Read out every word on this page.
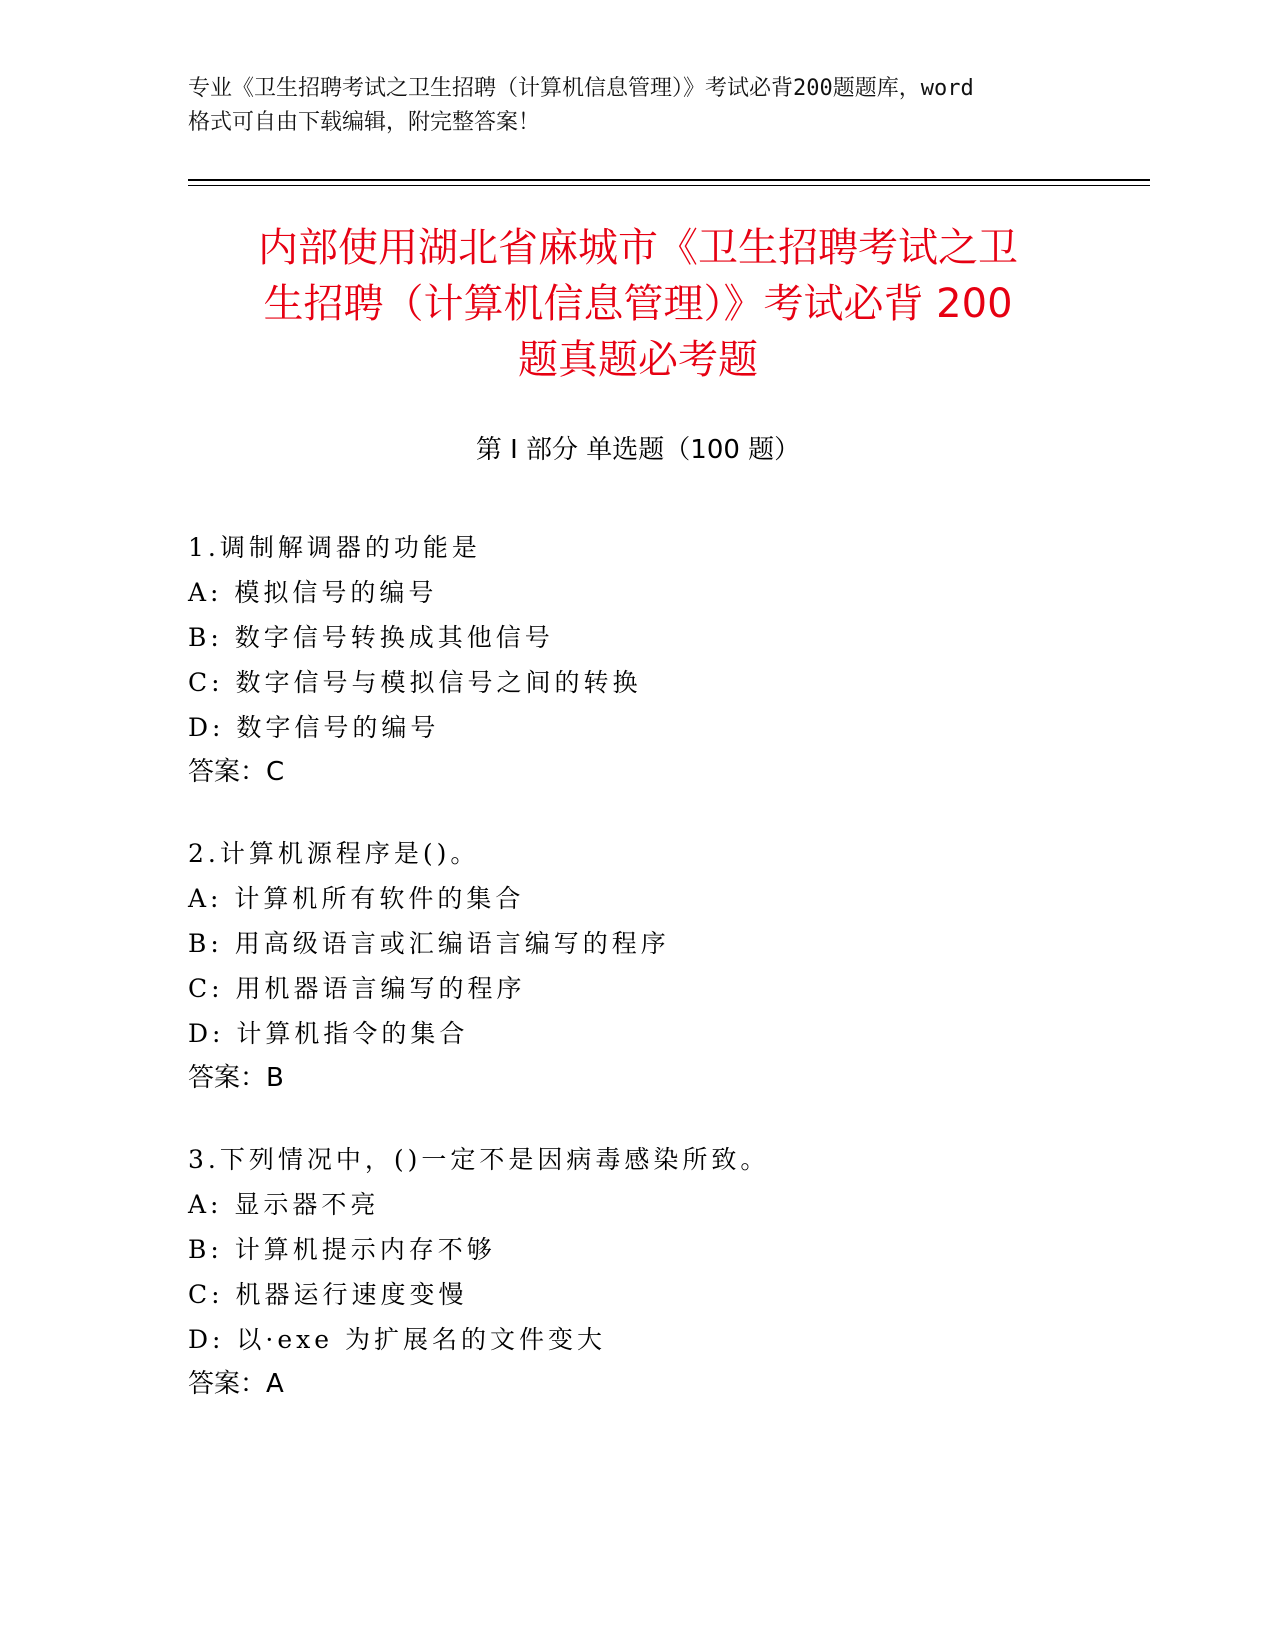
专业《卫生招聘考试之卫生招聘（计算机信息管理）》考试必背200题题库，word
格式可自由下载编辑，附完整答案！
内部使用湖北省麻城市《卫生招聘考试之卫
生招聘（计算机信息管理）》考试必背 200
题真题必考题
第 I 部分 单选题（100 题）
1.调制解调器的功能是
A: 模拟信号的编号
B: 数字信号转换成其他信号
C: 数字信号与模拟信号之间的转换
D: 数字信号的编号
答案：C
2.计算机源程序是()。
A: 计算机所有软件的集合
B: 用高级语言或汇编语言编写的程序
C: 用机器语言编写的程序
D: 计算机指令的集合
答案：B
3.下列情况中，()一定不是因病毒感染所致。
A: 显示器不亮
B: 计算机提示内存不够
C: 机器运行速度变慢
D: 以·exe 为扩展名的文件变大
答案：A
